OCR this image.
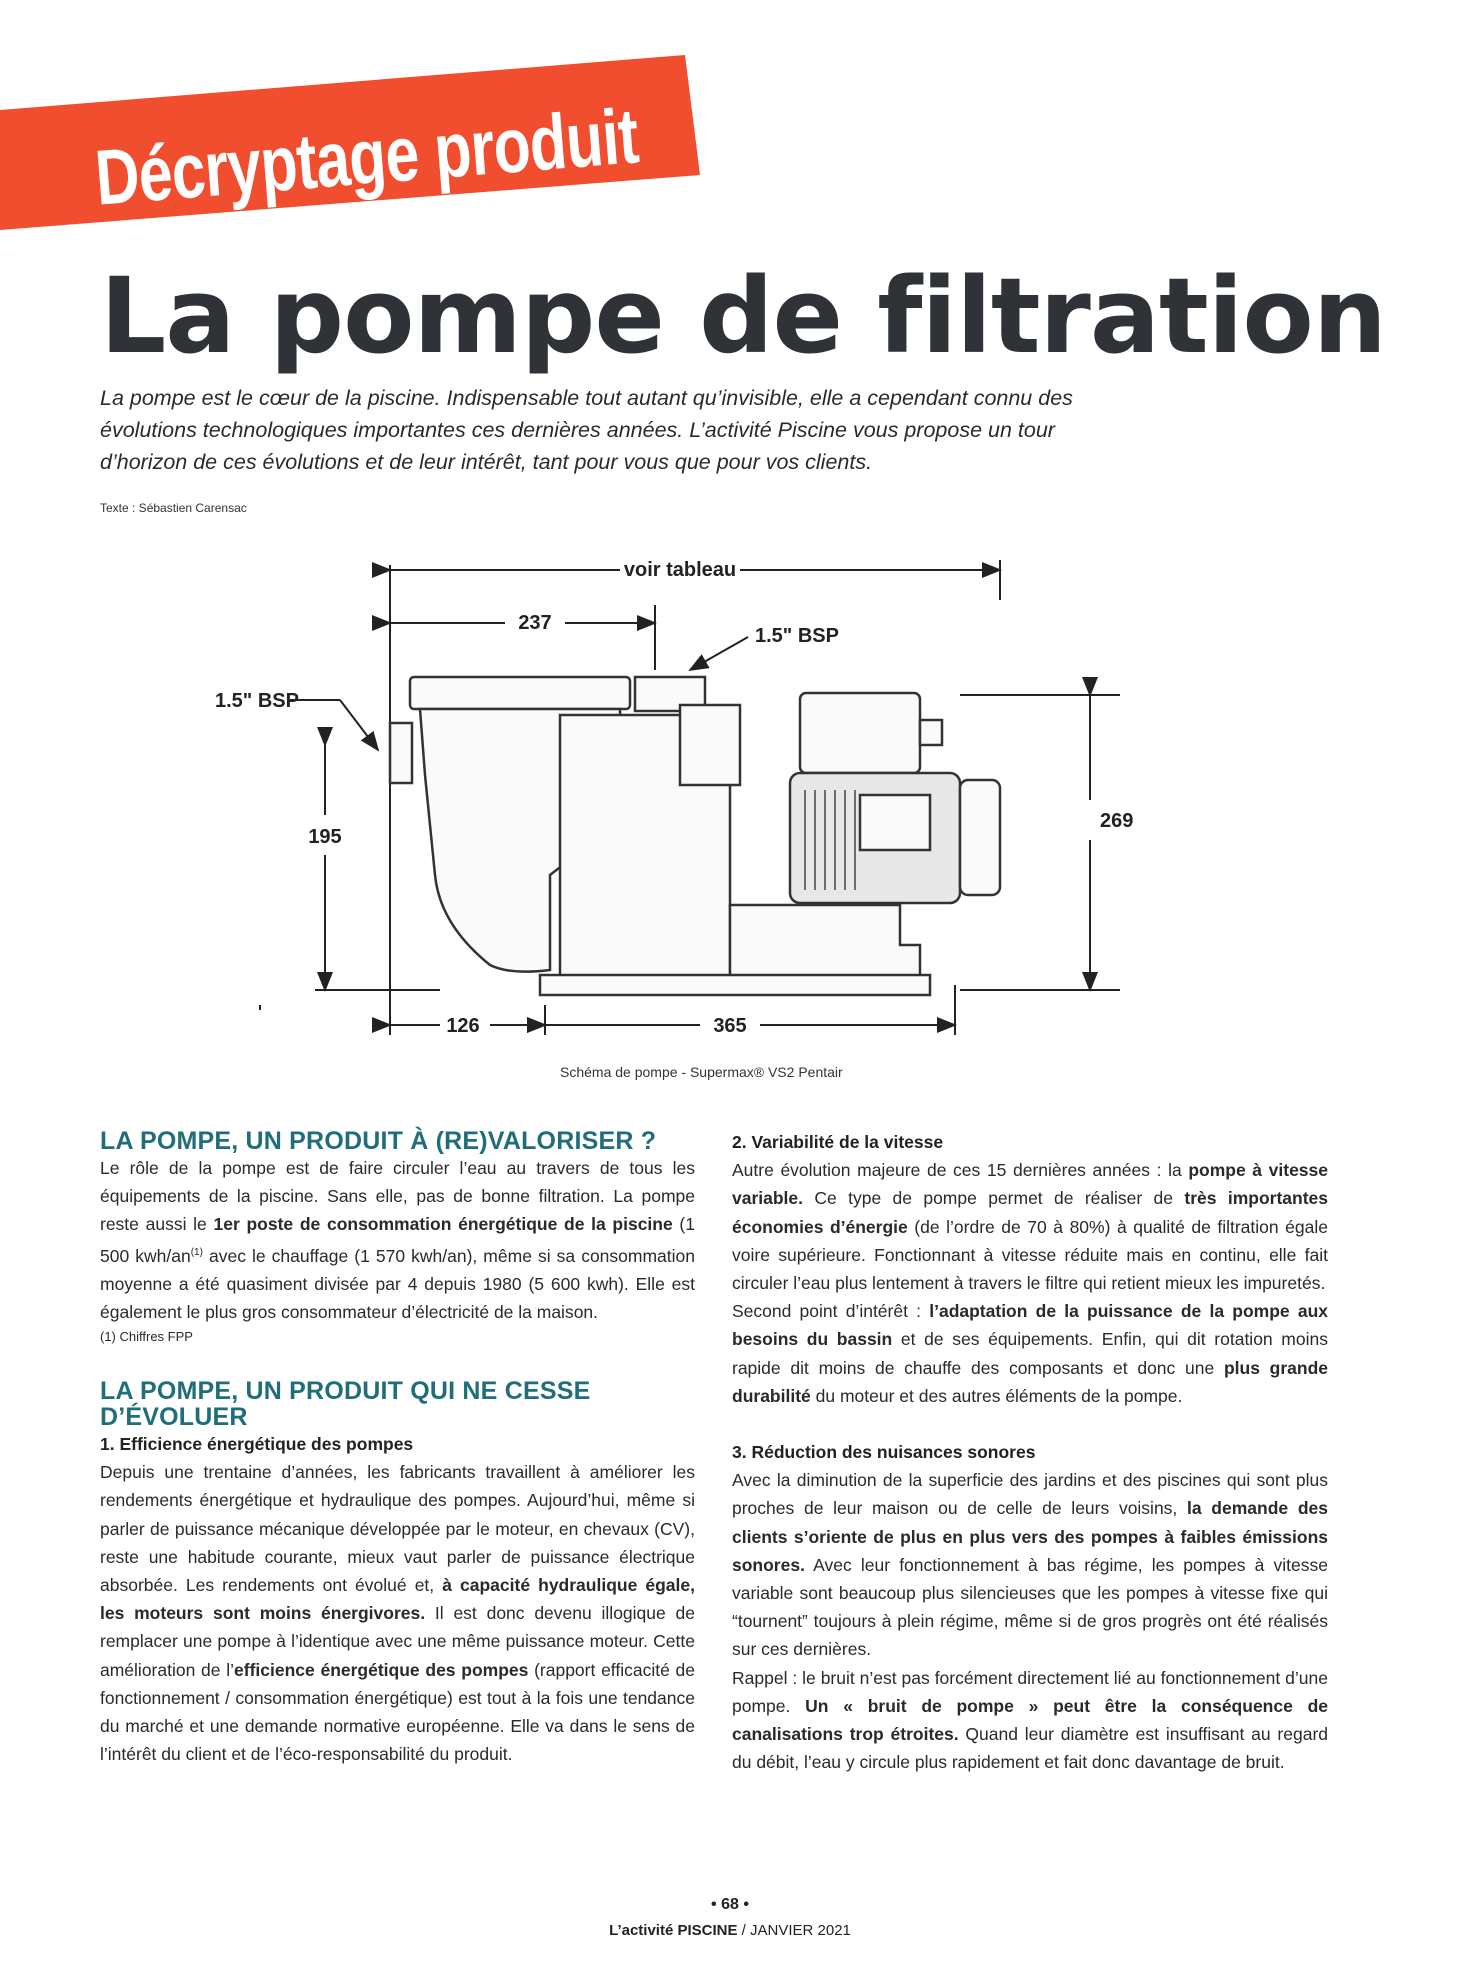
Décryptage produit
La pompe de filtration
La pompe est le cœur de la piscine. Indispensable tout autant qu’invisible, elle a cependant connu des évolutions technologiques importantes ces dernières années. L’activité Piscine vous propose un tour d’horizon de ces évolutions et de leur intérêt, tant pour vous que pour vos clients.
Texte : Sébastien Carensac
voir tableau
237
1.5" BSP
1.5" BSP
195
269
126	365
Schéma de pompe - Supermax® VS2 Pentair
LA POMPE, UN PRODUIT À (RE)VALORISER ?

Le rôle de la pompe est de faire circuler l’eau au travers de tous les équipements de la piscine. Sans elle, pas de bonne filtration. La pompe reste aussi le 1er poste de consommation énergétique de la piscine (1 500 kwh/$an^{(1)}$ avec le chauffage (1 570 kwh/an), même si sa consommation moyenne a été quasiment divisée par 4 depuis 1980 (5 600 kwh). Elle est également le plus gros consommateur d’électricité de la maison.

(1) Chiffres FPP

LA POMPE, UN PRODUIT QUI NE CESSE D’ÉVOLUER

1. Efficience énergétique des pompes

Depuis une trentaine d’années, les fabricants travaillent à améliorer les rendements énergétique et hydraulique des pompes. Aujourd’hui, même si parler de puissance mécanique développée par le moteur, en chevaux (CV), reste une habitude courante, mieux vaut parler de puissance électrique absorbée. Les rendements ont évolué et, à capacité hydraulique égale, les moteurs sont moins énergivores. Il est donc devenu illogique de remplacer une pompe à l’identique avec une même puissance moteur. Cette amélioration de l’efficience énergétique des pompes (rapport efficacité de fonctionnement / consommation énergétique) est tout à la fois une tendance du marché et une demande normative européenne. Elle va dans le sens de l’intérêt du client et de l’éco-responsabilité du produit.

2. Variabilité de la vitesse

Autre évolution majeure de ces 15 dernières années : la pompe à vitesse variable. Ce type de pompe permet de réaliser de très importantes économies d’énergie (de l’ordre de 70 à 80%) à qualité de filtration égale voire supérieure. Fonctionnant à vitesse réduite mais en continu, elle fait circuler l’eau plus lentement à travers le filtre qui retient mieux les impuretés.

Second point d’intérêt : l’adaptation de la puissance de la pompe aux besoins du bassin et de ses équipements. Enfin, qui dit rotation moins rapide dit moins de chauffe des composants et donc une plus grande durabilité du moteur et des autres éléments de la pompe.

3. Réduction des nuisances sonores

Avec la diminution de la superficie des jardins et des piscines qui sont plus proches de leur maison ou de celle de leurs voisins, la demande des clients s’oriente de plus en plus vers des pompes à faibles émissions sonores. Avec leur fonctionnement à bas régime, les pompes à vitesse variable sont beaucoup plus silencieuses que les pompes à vitesse fixe qui “tournent” toujours à plein régime, même si de gros progrès ont été réalisés sur ces dernières.

Rappel : le bruit n’est pas forcément directement lié au fonctionnement d’une pompe. Un « bruit de pompe » peut être la conséquence de canalisations trop étroites. Quand leur diamètre est insuffisant au regard du débit, l’eau y circule plus rapidement et fait donc davantage de bruit.

• 68 •
L’activité PISCINE / JANVIER 2021
